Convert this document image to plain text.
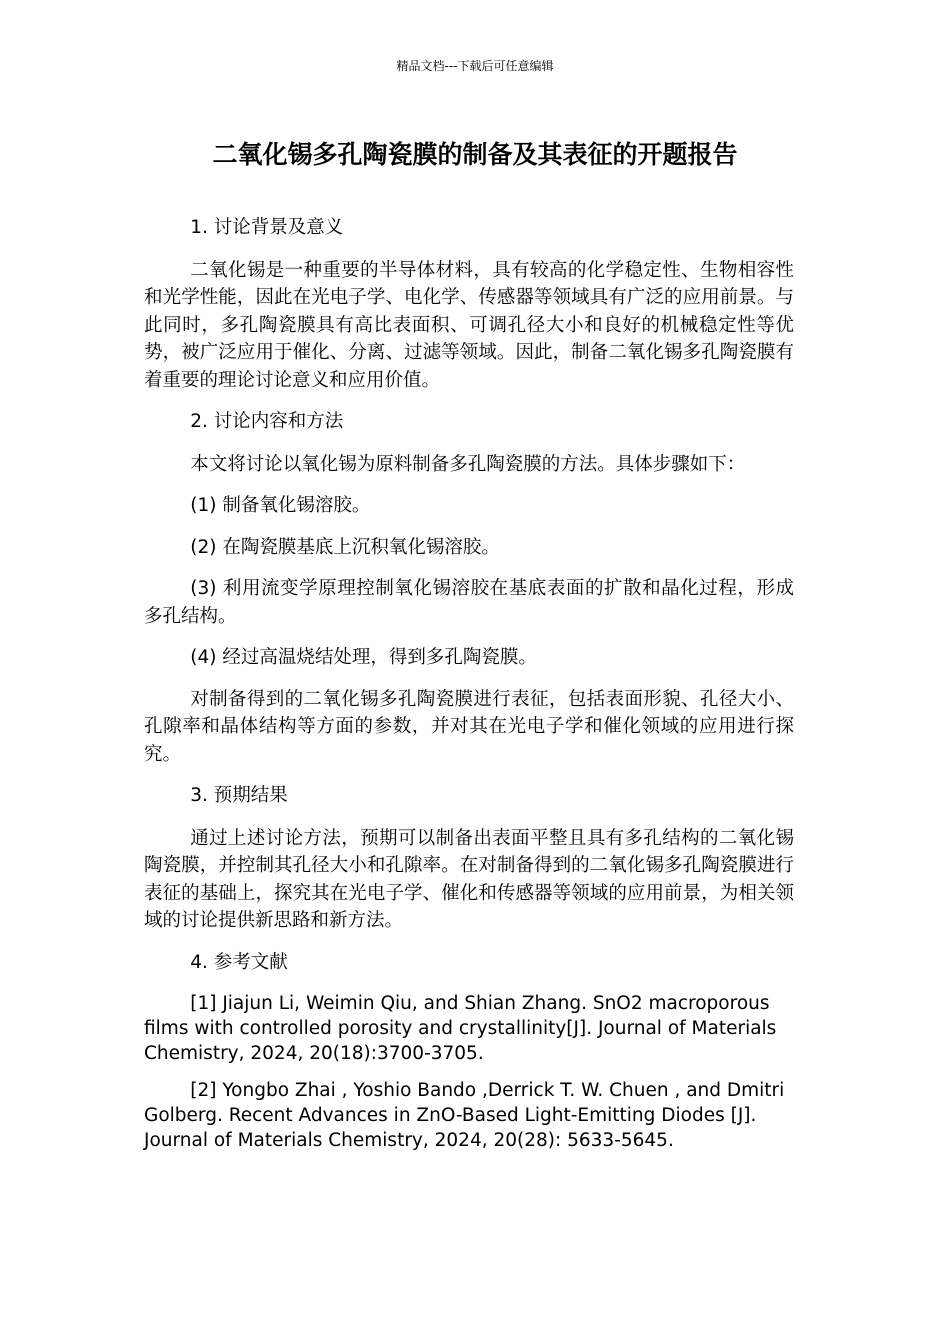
精品文档---下载后可任意编辑
二氧化锡多孔陶瓷膜的制备及其表征的开题报告

1. 讨论背景及意义

二氧化锡是一种重要的半导体材料，具有较高的化学稳定性、生物相容性和光学性能，因此在光电子学、电化学、传感器等领域具有广泛的应用前景。与此同时，多孔陶瓷膜具有高比表面积、可调孔径大小和良好的机械稳定性等优势，被广泛应用于催化、分离、过滤等领域。因此，制备二氧化锡多孔陶瓷膜有着重要的理论讨论意义和应用价值。

2. 讨论内容和方法

本文将讨论以氧化锡为原料制备多孔陶瓷膜的方法。具体步骤如下：

(1) 制备氧化锡溶胶。

(2) 在陶瓷膜基底上沉积氧化锡溶胶。

(3) 利用流变学原理控制氧化锡溶胶在基底表面的扩散和晶化过程，形成多孔结构。

(4) 经过高温烧结处理，得到多孔陶瓷膜。

对制备得到的二氧化锡多孔陶瓷膜进行表征，包括表面形貌、孔径大小、孔隙率和晶体结构等方面的参数，并对其在光电子学和催化领域的应用进行探究。

3. 预期结果

通过上述讨论方法，预期可以制备出表面平整且具有多孔结构的二氧化锡陶瓷膜，并控制其孔径大小和孔隙率。在对制备得到的二氧化锡多孔陶瓷膜进行表征的基础上，探究其在光电子学、催化和传感器等领域的应用前景，为相关领域的讨论提供新思路和新方法。

4. 参考文献

[1] Jiajun Li, Weimin Qiu, and Shian Zhang. SnO2 macroporous films with controlled porosity and crystallinity[J]. Journal of Materials Chemistry, 2024, 20(18):3700-3705.

[2] Yongbo Zhai , Yoshio Bando ,Derrick T. W. Chuen , and Dmitri Golberg. Recent Advances in ZnO-Based Light-Emitting Diodes [J]. Journal of Materials Chemistry, 2024, 20(28): 5633-5645.
